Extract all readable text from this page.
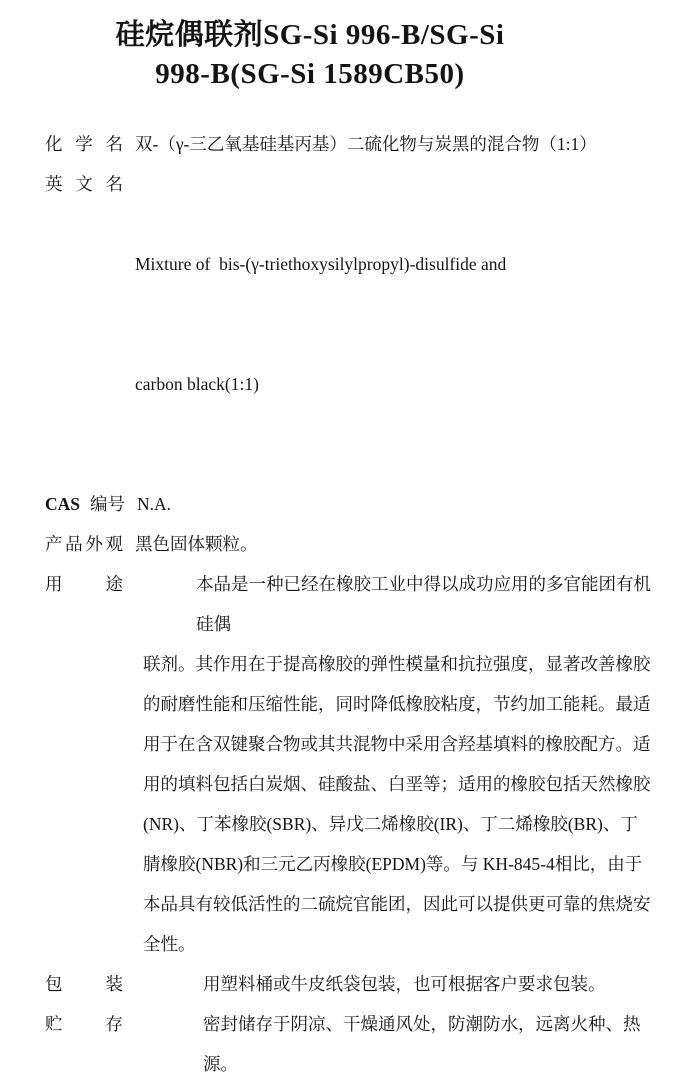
硅烷偶联剂SG-Si 996-B/SG-Si
998-B(SG-Si 1589CB50)
化 学 名 双-（γ-三乙氧基硅基丙基）二硫化物与炭黑的混合物（1:1）
英 文 名

Mixture of  bis-(γ-triethoxysilylpropyl)-disulfide and

carbon black(1:1)

CAS 编号 N.A.
产品外观 黑色固体颗粒。
用 途	本品是一种已经在橡胶工业中得以成功应用的多官能团有机硅偶
联剂。其作用在于提高橡胶的弹性模量和抗拉强度，显著改善橡胶
的耐磨性能和压缩性能，同时降低橡胶粘度，节约加工能耗。最适
用于在含双键聚合物或其共混物中采用含羟基填料的橡胶配方。适
用的填料包括白炭烟、硅酸盐、白垩等；适用的橡胶包括天然橡胶
(NR)、丁苯橡胶(SBR)、异戊二烯橡胶(IR)、丁二烯橡胶(BR)、丁
腈橡胶(NBR)和三元乙丙橡胶(EPDM)等。与 KH-845-4相比，由于
本品具有较低活性的二硫烷官能团，因此可以提供更可靠的焦烧安
全性。
包 装	用塑料桶或牛皮纸袋包装，也可根据客户要求包装。
贮 存	密封储存于阴凉、干燥通风处，防潮防水，远离火种、热源。
